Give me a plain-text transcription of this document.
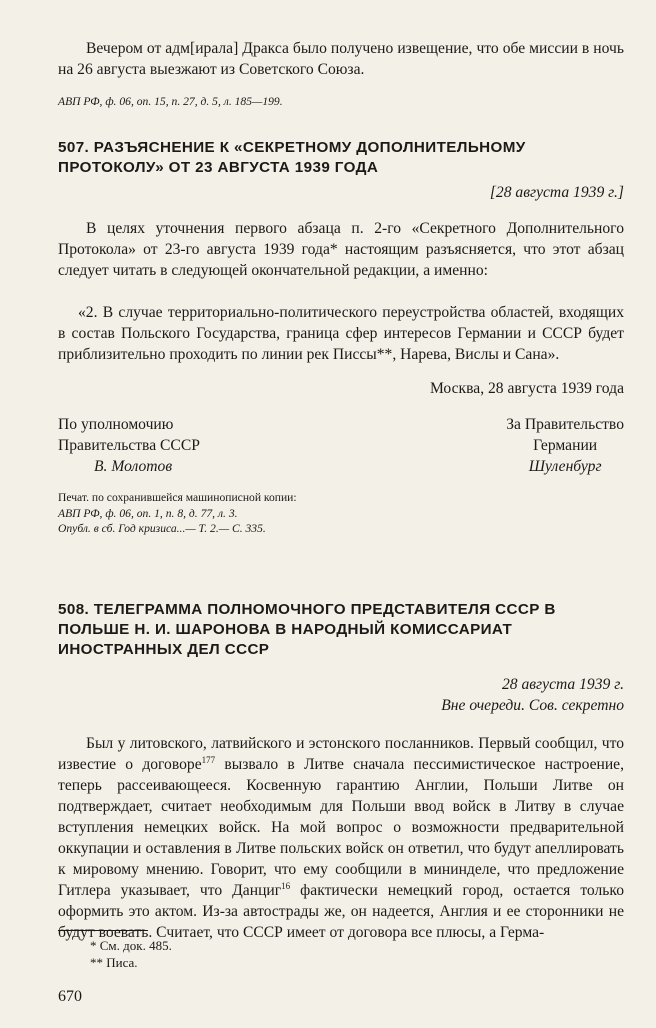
Вечером от адм[ирала] Дракса было получено извещение, что обе миссии в ночь на 26 августа выезжают из Советского Союза.

АВП РФ, ф. 06, оп. 15, п. 27, д. 5, л. 185—199.

507. РАЗЪЯСНЕНИЕ К «СЕКРЕТНОМУ ДОПОЛНИТЕЛЬНОМУ ПРОТОКОЛУ» ОТ 23 АВГУСТА 1939 ГОДА
[28 августа 1939 г.]

В целях уточнения первого абзаца п. 2-го «Секретного Дополнительного Протокола» от 23-го августа 1939 года* настоящим разъясняется, что этот абзац следует читать в следующей окончательной редакции, а именно:

«2. В случае территориально-политического переустройства областей, входящих в состав Польского Государства, граница сфер интересов Германии и СССР будет приблизительно проходить по линии рек Писсы**, Нарева, Вислы и Сана».

Москва, 28 августа 1939 года
По уполномочию
Правительства СССР
В. Молотов
За Правительство
Германии
Шуленбург

Печат. по сохранившейся машинописной копии:

АВП РФ, ф. 06, оп. 1, п. 8, д. 77, л. 3.

Опубл. в сб. Год кризиса...— Т. 2.— С. 335.

508. ТЕЛЕГРАММА ПОЛНОМОЧНОГО ПРЕДСТАВИТЕЛЯ СССР В ПОЛЬШЕ Н. И. ШАРОНОВА В НАРОДНЫЙ КОМИССАРИАТ ИНОСТРАННЫХ ДЕЛ СССР
28 августа 1939 г.
Вне очереди. Сов. секретно

Был у литовского, латвийского и эстонского посланников. Первый сообщил, что известие о договоре$^{177}$ вызвало в Литве сначала пессимистическое настроение, теперь рассеивающееся. Косвенную гарантию Англии, Польши Литве он подтверждает, считает необходимым для Польши ввод войск в Литву в случае вступления немецких войск. На мой вопрос о возможности предварительной оккупации и оставления в Литве польских войск он ответил, что будут апеллировать к мировому мнению. Говорит, что ему сообщили в мининделе, что предложение Гитлера указывает, что Данциг$^{16}$ фактически немецкий город, остается только оформить это актом. Из-за автострады же, он надеется, Англия и ее сторонники не будут воевать. Считает, что СССР имеет от договора все плюсы, а Герма-

* См. док. 485.
** Писа.
670
